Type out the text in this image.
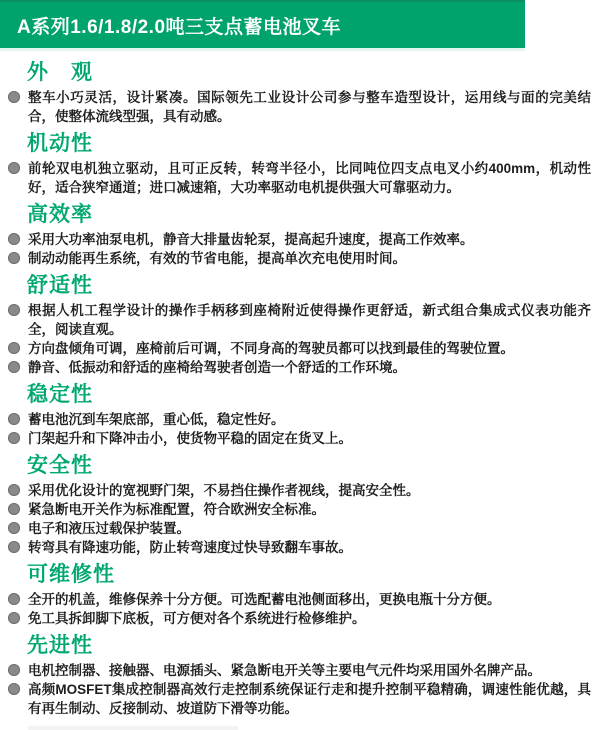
A系列1.6/1.8/2.0吨三支点蓄电池叉车
外　观
整车小巧灵活，设计紧凑。国际领先工业设计公司参与整车造型设计，运用线与面的完美结合，使整体流线型强，具有动感。
机动性
前轮双电机独立驱动，且可正反转，转弯半径小，比同吨位四支点电叉小约400mm，机动性好，适合狭窄通道；进口减速箱，大功率驱动电机提供强大可靠驱动力。
高效率
采用大功率油泵电机，静音大排量齿轮泵，提高起升速度，提高工作效率。
制动动能再生系统，有效的节省电能，提高单次充电使用时间。
舒适性
根据人机工程学设计的操作手柄移到座椅附近使得操作更舒适，新式组合集成式仪表功能齐全，阅读直观。
方向盘倾角可调，座椅前后可调，不同身高的驾驶员都可以找到最佳的驾驶位置。
静音、低振动和舒适的座椅给驾驶者创造一个舒适的工作环境。
稳定性
蓄电池沉到车架底部，重心低，稳定性好。
门架起升和下降冲击小，使货物平稳的固定在货叉上。
安全性
采用优化设计的宽视野门架，不易挡住操作者视线，提高安全性。
紧急断电开关作为标准配置，符合欧洲安全标准。
电子和液压过载保护装置。
转弯具有降速功能，防止转弯速度过快导致翻车事故。
可维修性
全开的机盖，维修保养十分方便。可选配蓄电池侧面移出，更换电瓶十分方便。
免工具拆卸脚下底板，可方便对各个系统进行检修维护。
先进性
电机控制器、接触器、电源插头、紧急断电开关等主要电气元件均采用国外名牌产品。
高频MOSFET集成控制器高效行走控制系统保证行走和提升控制平稳精确，调速性能优越，具有再生制动、反接制动、坡道防下滑等功能。
